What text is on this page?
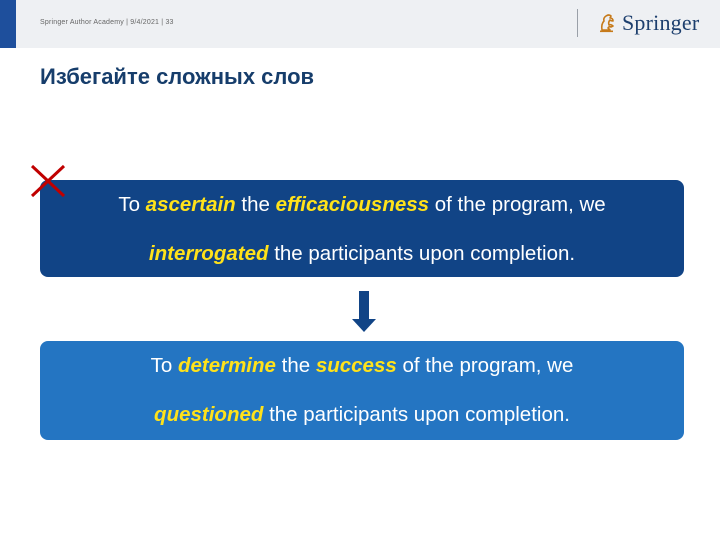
Springer Author Academy | 9/4/2021 | 33	Springer
Избегайте сложных слов
To ascertain the efficaciousness of the program, we
interrogated the participants upon completion.
To determine the success of the program, we
questioned the participants upon completion.
